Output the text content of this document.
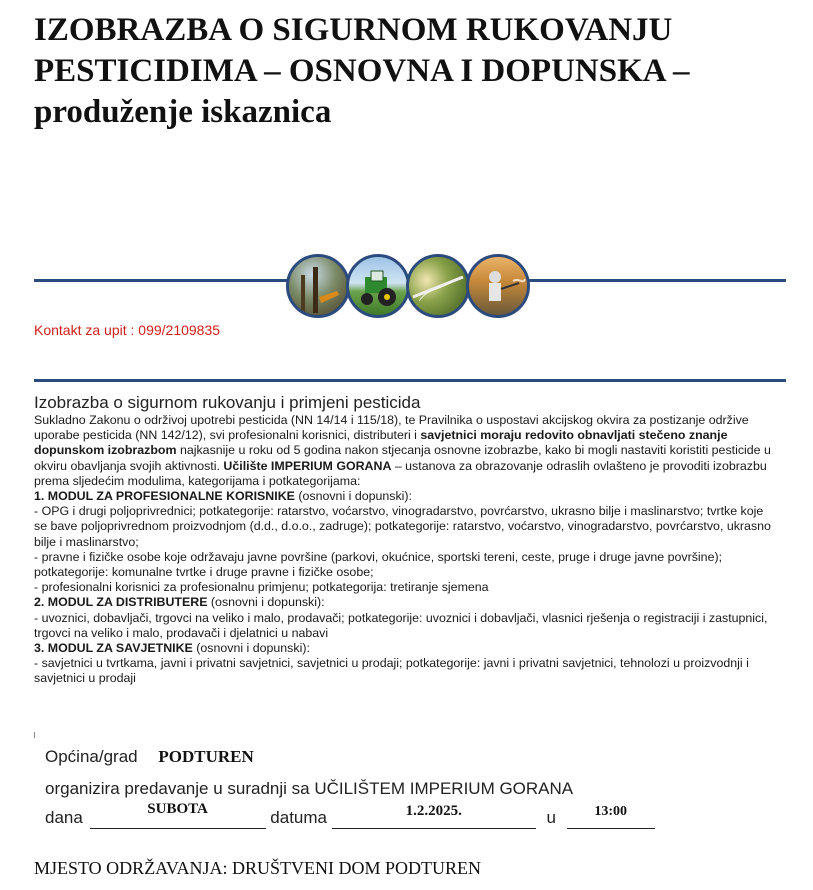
IZOBRAZBA O SIGURNOM RUKOVANJU PESTICIDIMA – OSNOVNA I DOPUNSKA – produženje iskaznica
Kontakt za upit : 099/2109835
Izobrazba o sigurnom rukovanju i primjeni pesticida

Sukladno Zakonu o održivoj upotrebi pesticida (NN 14/14 i 115/18), te Pravilnika o uspostavi akcijskog okvira za postizanje održive uporabe pesticida (NN 142/12), svi profesionalni korisnici, distributeri i savjetnici moraju redovito obnavljati stečeno znanje dopunskom izobrazbom najkasnije u roku od 5 godina nakon stjecanja osnovne izobrazbe, kako bi mogli nastaviti koristiti pesticide u okviru obavljanja svojih aktivnosti. Učilište IMPERIUM GORANA – ustanova za obrazovanje odraslih ovlašteno je provoditi izobrazbu prema sljedećim modulima, kategorijama i potkategorijama:

1. MODUL ZA PROFESIONALNE KORISNIKE (osnovni i dopunski):

- OPG i drugi poljoprivrednici; potkategorije: ratarstvo, voćarstvo, vinogradarstvo, povrćarstvo, ukrasno bilje i maslinarstvo; tvrtke koje se bave poljoprivrednom proizvodnjom (d.d., d.o.o., zadruge); potkategorije: ratarstvo, voćarstvo, vinogradarstvo, povrćarstvo, ukrasno bilje i maslinarstvo;

- pravne i fizičke osobe koje održavaju javne površine (parkovi, okućnice, sportski tereni, ceste, pruge i druge javne površine); potkategorije: komunalne tvrtke i druge pravne i fizičke osobe;

- profesionalni korisnici za profesionalnu primjenu; potkategorija: tretiranje sjemena

2. MODUL ZA DISTRIBUTERE (osnovni i dopunski):

- uvoznici, dobavljači, trgovci na veliko i malo, prodavači; potkategorije: uvoznici i dobavljači, vlasnici rješenja o registraciji i zastupnici, trgovci na veliko i malo, prodavači i djelatnici u nabavi

3. MODUL ZA SAVJETNIKE (osnovni i dopunski):

- savjetnici u tvrtkama, javni i privatni savjetnici, savjetnici u prodaji; potkategorije: javni i privatni savjetnici, tehnolozi u proizvodnji i savjetnici u prodaji

Općina/grad PODTUREN
organizira predavanje u suradnji sa UČILIŠTEM IMPERIUM GORANA
dana	SUBOTA	datuma	1.2.2025.	u	$^{13:00}$
MJESTO ODRŽAVANJA: DRUŠTVENI DOM PODTUREN
